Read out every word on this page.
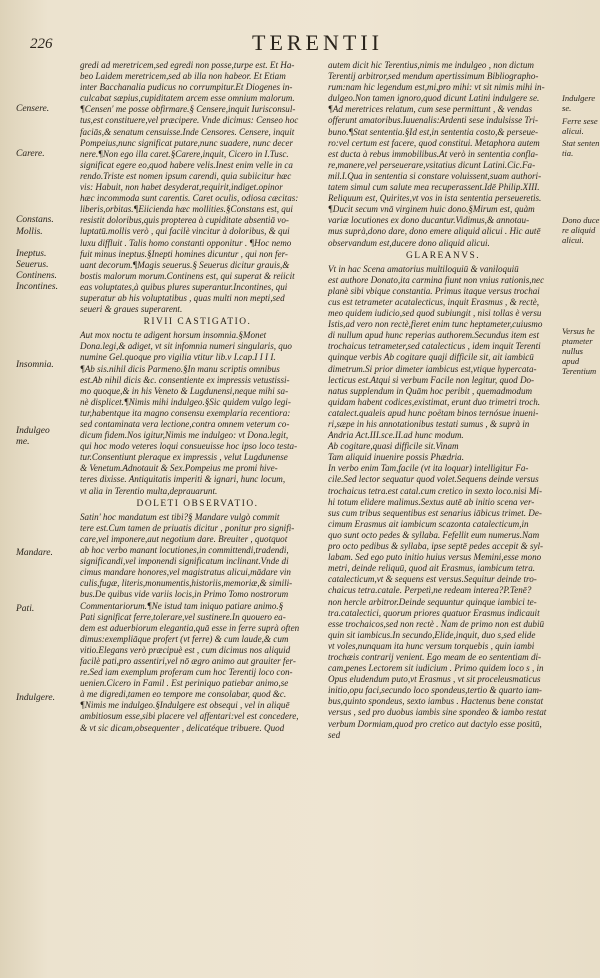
226	TERENTII

gredi ad meretricem,sed egredi non posse,turpe est. Et Ha-

beo Laidem meretricem,sed ab illa non habeor. Et Etiam

inter Bacchanalia pudicus no corrumpitur.Et Diogenes in-

culcabat sæpius,cupiditatem arcem esse omnium malorum.

¶Censen' me posse obfirmare.§ Censere,inquit Iurisconsul-

tus,est constituere,vel præcipere. Vnde dicimus: Censeo hoc

faciās,& senatum censuisse.Inde Censores. Censere, inquit

Pompeius,nunc significat putare,nunc suadere, nunc decer

nere.¶Non ego illa caret.§Carere,inquit, Cicero in I.Tusc.

significat egere eo,quod habere velis.Inest enim velle in ca

rendo.Triste est nomen ipsum carendi, quia subiicitur hæc

vis: Habuit, non habet desyderat,requirit,indiget.opinor

hæc incommoda sunt carentis. Caret oculis, odiosa cæcitas:

liberis,orbitas.¶Eiicienda hæc mollities.§Constans est, qui

resistit doloribus,quis propterea à cupiditate absentiā vo-

luptatū.mollis verò , qui facilè vincitur à doloribus, & qui

luxu diffluit . Talis homo constanti opponitur . ¶Hoc nemo

fuit minus ineptus.§Inepti homines dicuntur , qui non fer-

uant decorum.¶Magis seuerus.§ Seuerus dicitur grauis,&

bostis malorum morum.Continens est, qui superat & reiicit

eas voluptates,à quibus plures superantur.Incontines, qui

superatur ab his voluptatibus , quas multi non mepti,sed

seueri & graues superarent.

RIVII CASTIGATIO.

Aut mox noctu te adigent horsum insomnia.§Monet

Dona.legi,& adiget, vt sit infomnia numeri singularis, quo

numine Gel.quoque pro vigilia vtitur lib.v I.cap.I I I I.

¶Ab sis.nihil dicis Parmeno.§In manu scriptis omnibus

est.Ab nihil dicis &c. consentiente ex impressis vetustissi-

mo quoque,& in his Veneto & Lugdunensi,neque mihi sa-

nè displicet.¶Nimis mihi indulgeo.§Sic quidem vulgo legi-

tur,habentque ita magno consensu exemplaria recentiora:

sed contaminata vera lectione,contra omnem veterum co-

dicum fidem.Nos igitur,Nimis me indulgeo: vt Dona.legit,

qui hoc modo veteres loqui consueuisse hoc ipso loco testa-

tur.Consentiunt pleraque ex impressis , velut Lugdunense

& Venetum.Adnotauit & Sex.Pompeius me promi hive-

teres dixisse. Antiquitatis imperiti & ignari, hunc locum,

vt alia in Terentio multa,deprauarunt.

DOLETI OBSERVATIO.

Satin' hoc mandatum est tibi?§ Mandare vulgò commit

tere est.Cum tamen de priuatis dicitur , ponitur pro signifi-

care,vel imponere,aut negotium dare. Breuiter , quotquot

ab hoc verbo manant locutiones,in committendi,tradendi,

significandi,vel imponendi significatum inclinant.Vnde di

cimus mandare honores,vel magistratus alicui,mādare vin

culis,fugæ, literis,monumentis,historiis,memoriæ,& simili-

bus.De quibus vide variis locis,in Primo Tomo nostrorum

Commentariorum.¶Ne istud tam iniquo patiare animo.§

Pati significat ferre,tolerare,vel sustinere.In quouero ea-

dem est aduerbiorum elegantia,quā esse in ferre suprà often

dimus:exempliāque profert (vt ferre) & cum laude,& cum

vitio.Elegans verò præcipuè est , cum dicimus nos aliquid

facilè pati,pro assentiri,vel nō ægro animo aut grauiter fer-

re.Sed iam exemplum proferam cum hoc Terentij loco con-

uenien.Cicero in Famil . Est periniquo patiebar animo,se

à me digredi,tamen eo tempore me consolabar, quod &c.

¶Nimis me indulgeo.§Indulgere est obsequi , vel in aliquē

ambitiosum esse,sibi placere vel affentari:vel est concedere,

& vt sic dicam,obsequenter , delicatéque tribuere. Quod

autem dicit hic Terentius,nimis me indulgeo , non dictum

Terentij arbitror,sed mendum apertissimum Bibliographo-

rum:nam hic legendum est,mi,pro mihi: vt sit nimis mihi in-

dulgeo.Non tamen ignoro,quod dicunt Latini indulgere se.

¶Ad meretrices relatum, cum sese permittunt , & vendas

offerunt amatoribus.Iuuenalis:Ardenti sese indulsisse Tri-

buno.¶Stat sententia.§Id est,in sententia costo,& perseue-

ro:vel certum est facere, quod constitui. Metaphora autem

est ducta à rebus immobilibus.At verò in sententia confla-

re,manere,vel perseuerare,vsitatius dicunt Latini.Cic.Fa-

mil.I.Qua in sententia si constare voluissent,suam authori-

tatem simul cum salute mea recuperassent.Idē Philip.XIII.

Reliquum est, Quirites,vt vos in ista sententia perseueretis.

¶Ducit secum vnā virginem huic dono.§Mirum est, quàm

variæ locutiones ex dono ducantur.Vidimus,& annotau-

mus suprà,dono dare, dono emere aliquid alicui . Hic autē

observandum est,ducere dono aliquid alicui.

GLAREANVS.

Vt in hac Scena amatorius multiloquiū & vaniloquiū

est authore Donato,ita carmina fiunt non vnius rationis,nec

planè sibi vbique constantia. Primus itaque versus trochai

cus est tetrameter acatalecticus, inquit Erasmus , & rectè,

meo quidem iudicio,sed quod subiungit , nisi tollas è versu

Istis,ad vero non rectè,fieret enim tunc heptameter,cuiusmo

di nullum apud hunc reperias authorem.Secundus item est

trochaicus tetrameter,sed catalecticus , idem inquit Terenti

quinque verbis Ab cogitare quaji difficile sit, ait iambicū

dimetrum.Si prior dimeter iambicus est,vtique hypercata-

lecticus est.Atqui si verbum Facile non legitur, quod Do-

natus supplendum in Quām hoc peribit , quemadmodum

quidam habent codices,existimat, erunt duo trimetri troch.

catalect.qualeis apud hunc poëtam binos ternósue inueni-

ri,sæpe in his annotationibus testati sumus , & suprà in

Andria Act.III.sce.II.ad hunc modum.

Ab cogitare,quasi difficile sit.Vinam

Tam aliquid inuenire possis Phædria.

In verbo enim Tam,facile (vt ita loquar) intelligitur Fa-

cile.Sed lector sequatur quod volet.Sequens deinde versus

trochaicus tetra.est catal.cum cretico in sexto loco.nisi Mi-

hi totum elidere malimus.Sextus autē ab initio scena ver-

sus cum tribus sequentibus est senarius iābicus trimet. De-

cimum Erasmus ait iambicum scazonta catalecticum,in

quo sunt octo pedes & syllaba. Fefellit eum numerus.Nam

pro octo pedibus & syllaba, ipse septē pedes accepit & syl-

labam. Sed ego puto initio huius versus Memini,esse mono

metri, deinde reliquū, quod ait Erasmus, iambicum tetra.

catalecticum,vt & sequens est versus.Sequitur deinde tro-

chaicus tetra.catale. Perpetì,ne redeam interea?P.Tenē?

non hercle arbitror.Deinde sequuntur quinque iambici te-

tra.catalectici, quorum priores quatuor Erasmus indicauit

esse trochaicos,sed non rectè . Nam de primo non est dubiū

quin sit iambicus.In secundo,Elide,inquit, duo s,sed elide

vt voles,nunquam ita hunc versum torquebis , quin iambi

trochæis contrarij venient. Ego meam de eo sententiam di-

cam,penes Lectorem sit iudicium . Primo quidem loco s , in

Opus eludendum puto,vt Erasmus , vt sit proceleusmaticus

initio,opu faci,secundo loco spondeus,tertio & quarto iam-

bus,quinto spondeus, sexto iambus . Hactenus bene constat

versus , sed pro duobus iambis sine spondeo & iambo restat

verbum Dormiam,quod pro cretico aut dactylo esse positū,

sed

Censere.
Carere.
Constans.
Mollis.
Ineptus.
Seuerus.
Continens.
Incontines.
Insomnia.
Indulgeo
me.
Mandare.
Pati.
Indulgere.
Indulgere se.
Ferre sese alicui.
Stat senten tia.
Dono duce re aliquid alicui.
Versus he ptameter nullus apud Terentium
